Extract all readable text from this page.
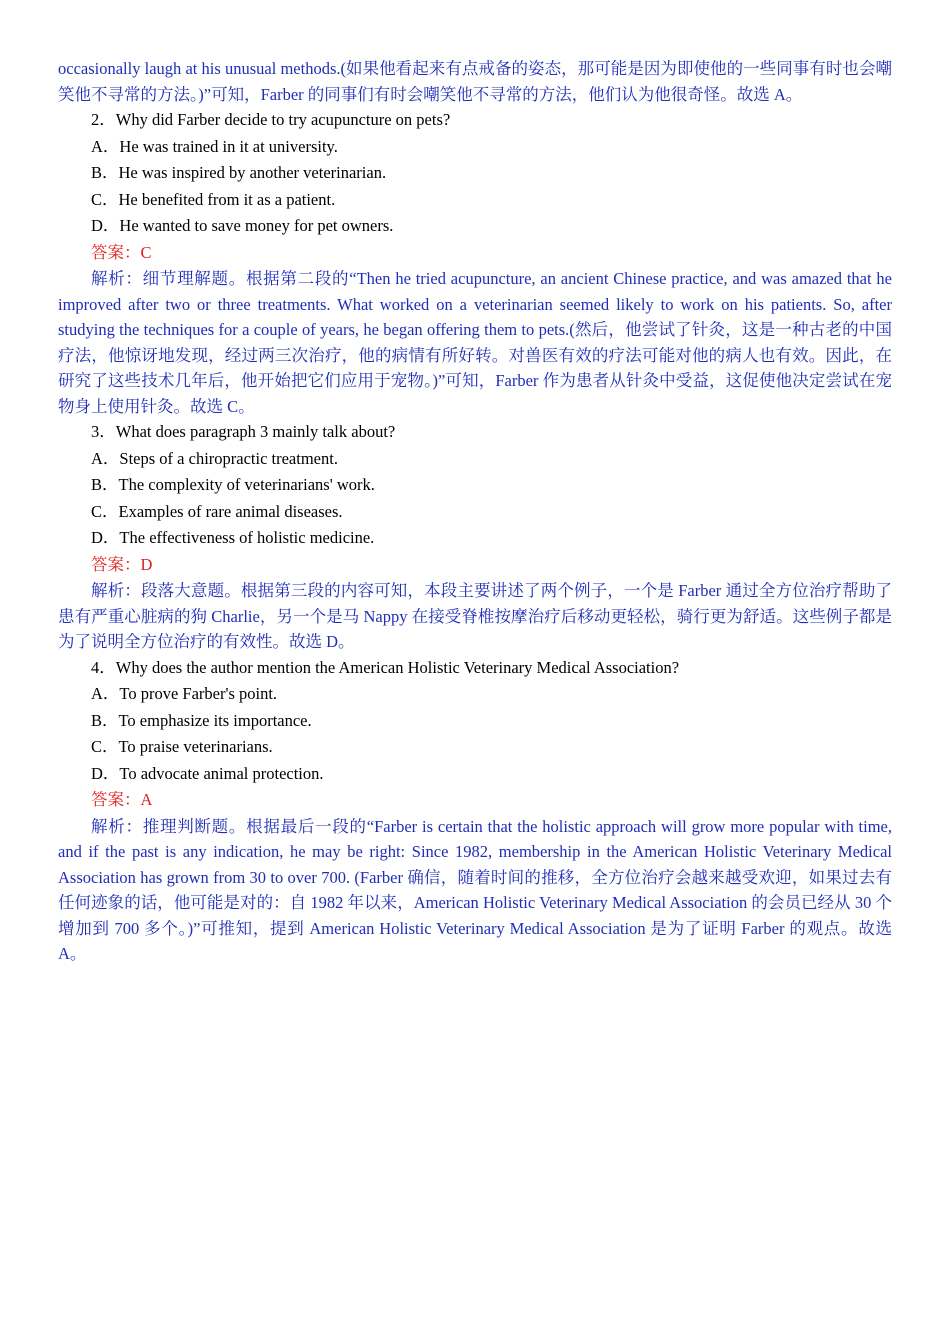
occasionally laugh at his unusual methods.(如果他看起来有点戒备的姿态，那可能是因为即使他的一些同事有时也会嘲笑他不寻常的方法。)”可知，Farber 的同事们有时会嘲笑他不寻常的方法，他们认为他很奇怪。故选 A。

2．Why did Farber decide to try acupuncture on pets?

A．He was trained in it at university.

B．He was inspired by another veterinarian.

C．He benefited from it as a patient.

D．He wanted to save money for pet owners.

答案：C

解析：细节理解题。根据第二段的“Then he tried acupuncture, an ancient Chinese practice, and was amazed that he improved after two or three treatments. What worked on a veterinarian seemed likely to work on his patients. So, after studying the techniques for a couple of years, he began offering them to pets.(然后，他尝试了针灸，这是一种古老的中国疗法，他惊讶地发现，经过两三次治疗，他的病情有所好转。对兽医有效的疗法可能对他的病人也有效。因此，在研究了这些技术几年后，他开始把它们应用于宠物。)”可知，Farber 作为患者从针灸中受益，这促使他决定尝试在宠物身上使用针灸。故选 C。

3．What does paragraph 3 mainly talk about?

A．Steps of a chiropractic treatment.

B．The complexity of veterinarians' work.

C．Examples of rare animal diseases.

D．The effectiveness of holistic medicine.

答案：D

解析：段落大意题。根据第三段的内容可知，本段主要讲述了两个例子，一个是 Farber 通过全方位治疗帮助了患有严重心脏病的狗 Charlie，另一个是马 Nappy 在接受脊椎按摩治疗后移动更轻松，骑行更为舒适。这些例子都是为了说明全方位治疗的有效性。故选 D。

4．Why does the author mention the American Holistic Veterinary Medical Association?

A．To prove Farber's point.

B．To emphasize its importance.

C．To praise veterinarians.

D．To advocate animal protection.

答案：A

解析：推理判断题。根据最后一段的“Farber is certain that the holistic approach will grow more popular with time, and if the past is any indication, he may be right: Since 1982, membership in the American Holistic Veterinary Medical Association has grown from 30 to over 700. (Farber 确信，随着时间的推移，全方位治疗会越来越受欢迎，如果过去有任何迹象的话，他可能是对的：自 1982 年以来，American Holistic Veterinary Medical Association 的会员已经从 30 个增加到 700 多个。)”可推知，提到 American Holistic Veterinary Medical Association 是为了证明 Farber 的观点。故选 A。
